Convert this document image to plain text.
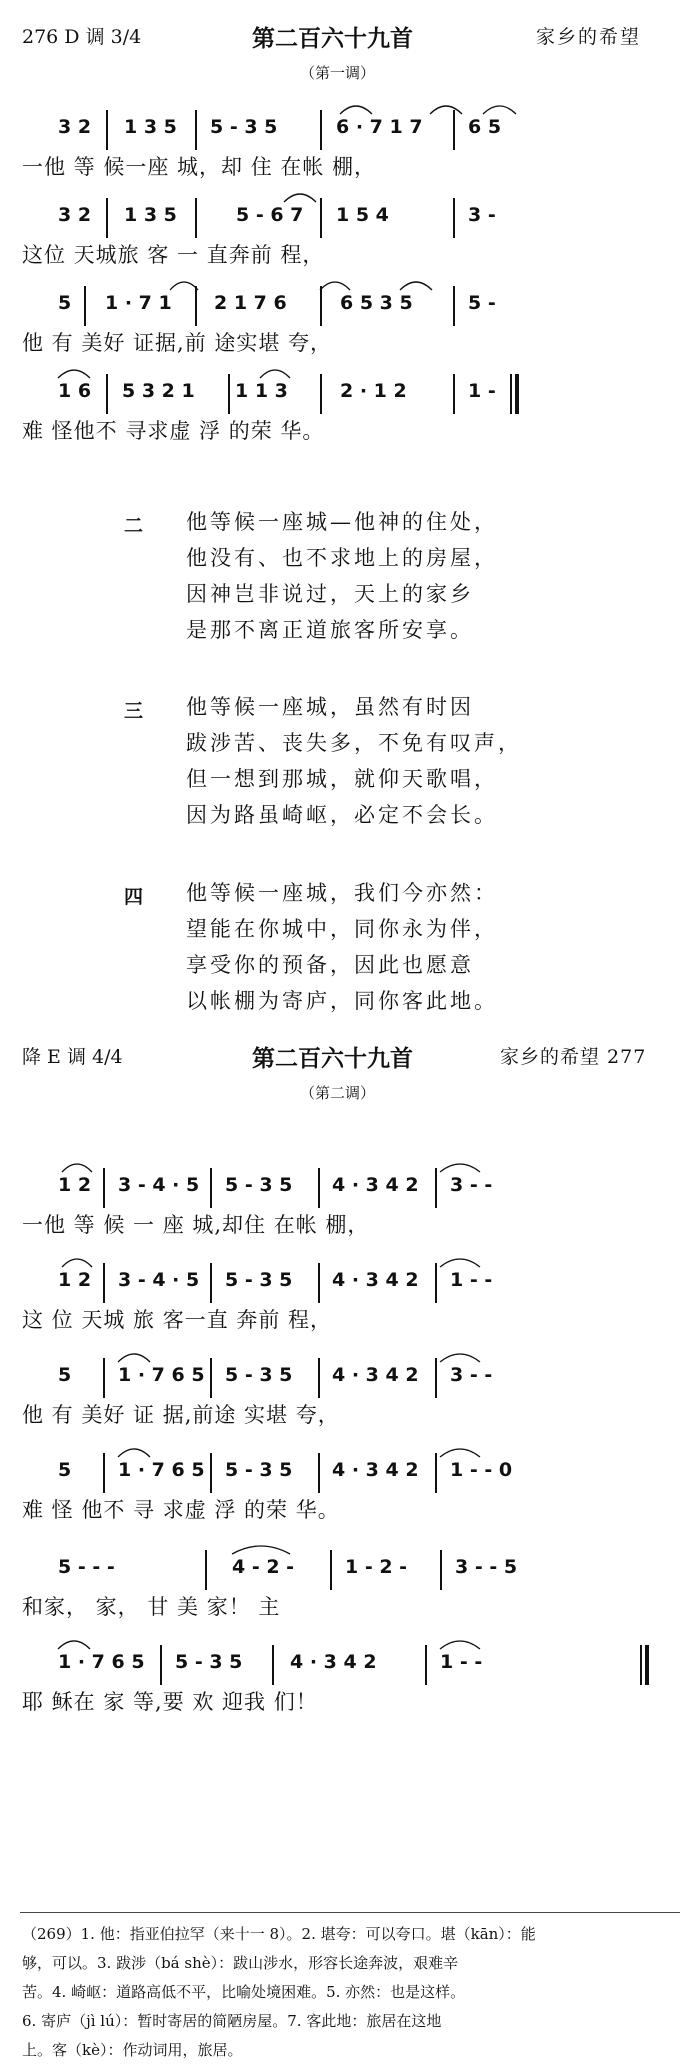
276 D 调 3/4	第二百六十九首	家乡的希望
（第一调）
3 2 1 3 5 5 - 3 5	6 · 7 1 7 6 5
一他 等 候一座 城，却 住 在帐 棚，
3 2 1 3 5	5 - 6 7 1 5 4	3 -
这位 天城旅 客 一 直奔前 程，
5 1 · 7 1 2 1 7 6	6 5 3 5	5 -
他 有 美好 证据,前 途实堪 夸，
1 6 5 3 2 1 1 1 3	2 · 1 2	1 -
难 怪他不 寻求虚 浮 的荣 华。
二 他等候一座城—他神的住处，
他没有、也不求地上的房屋，
因神岂非说过，天上的家乡
是那不离正道旅客所安享。
三 他等候一座城，虽然有时因
跋涉苦、丧失多，不免有叹声，
但一想到那城，就仰天歌唱，
因为路虽崎岖，必定不会长。
四 他等候一座城，我们今亦然：
望能在你城中，同你永为伴，
享受你的预备，因此也愿意
以帐棚为寄庐，同你客此地。
降 E 调 4/4	第二百六十九首	家乡的希望 277
（第二调）
1 2 3 - 4 · 5 5 - 3 5 4 · 3 4 2 3 - -
一他 等 候 一 座 城,却住 在帐 棚，
1 2 3 - 4 · 5 5 - 3 5 4 · 3 4 2 1 - -
这 位 天城 旅 客一直 奔前 程，
5 1 · 7 6 5 5 - 3 5 4 · 3 4 2 3 - -
他 有 美好 证 据,前途 实堪 夸，
5 1 · 7 6 5 5 - 3 5 4 · 3 4 2 1 - - 0
难 怪 他不 寻 求虚 浮 的荣 华。
5 - - -	4 - 2 -	1 - 2 -	3 - - 5
和家， 家， 甘 美 家！ 主
1 · 7 6 5 5 - 3 5	4 · 3 4 2	1 - -
耶 稣在 家 等,要 欢 迎我 们！
（269）1. 他：指亚伯拉罕（来十一 8）。2. 堪夸：可以夸口。堪（kān）：能
够，可以。3. 跋涉（bá shè）：跋山涉水，形容长途奔波，艰难辛
苦。4. 崎岖：道路高低不平，比喻处境困难。5. 亦然：也是这样。
6. 寄庐（jì lú）：暂时寄居的简陋房屋。7. 客此地：旅居在这地
上。客（kè）：作动词用，旅居。
